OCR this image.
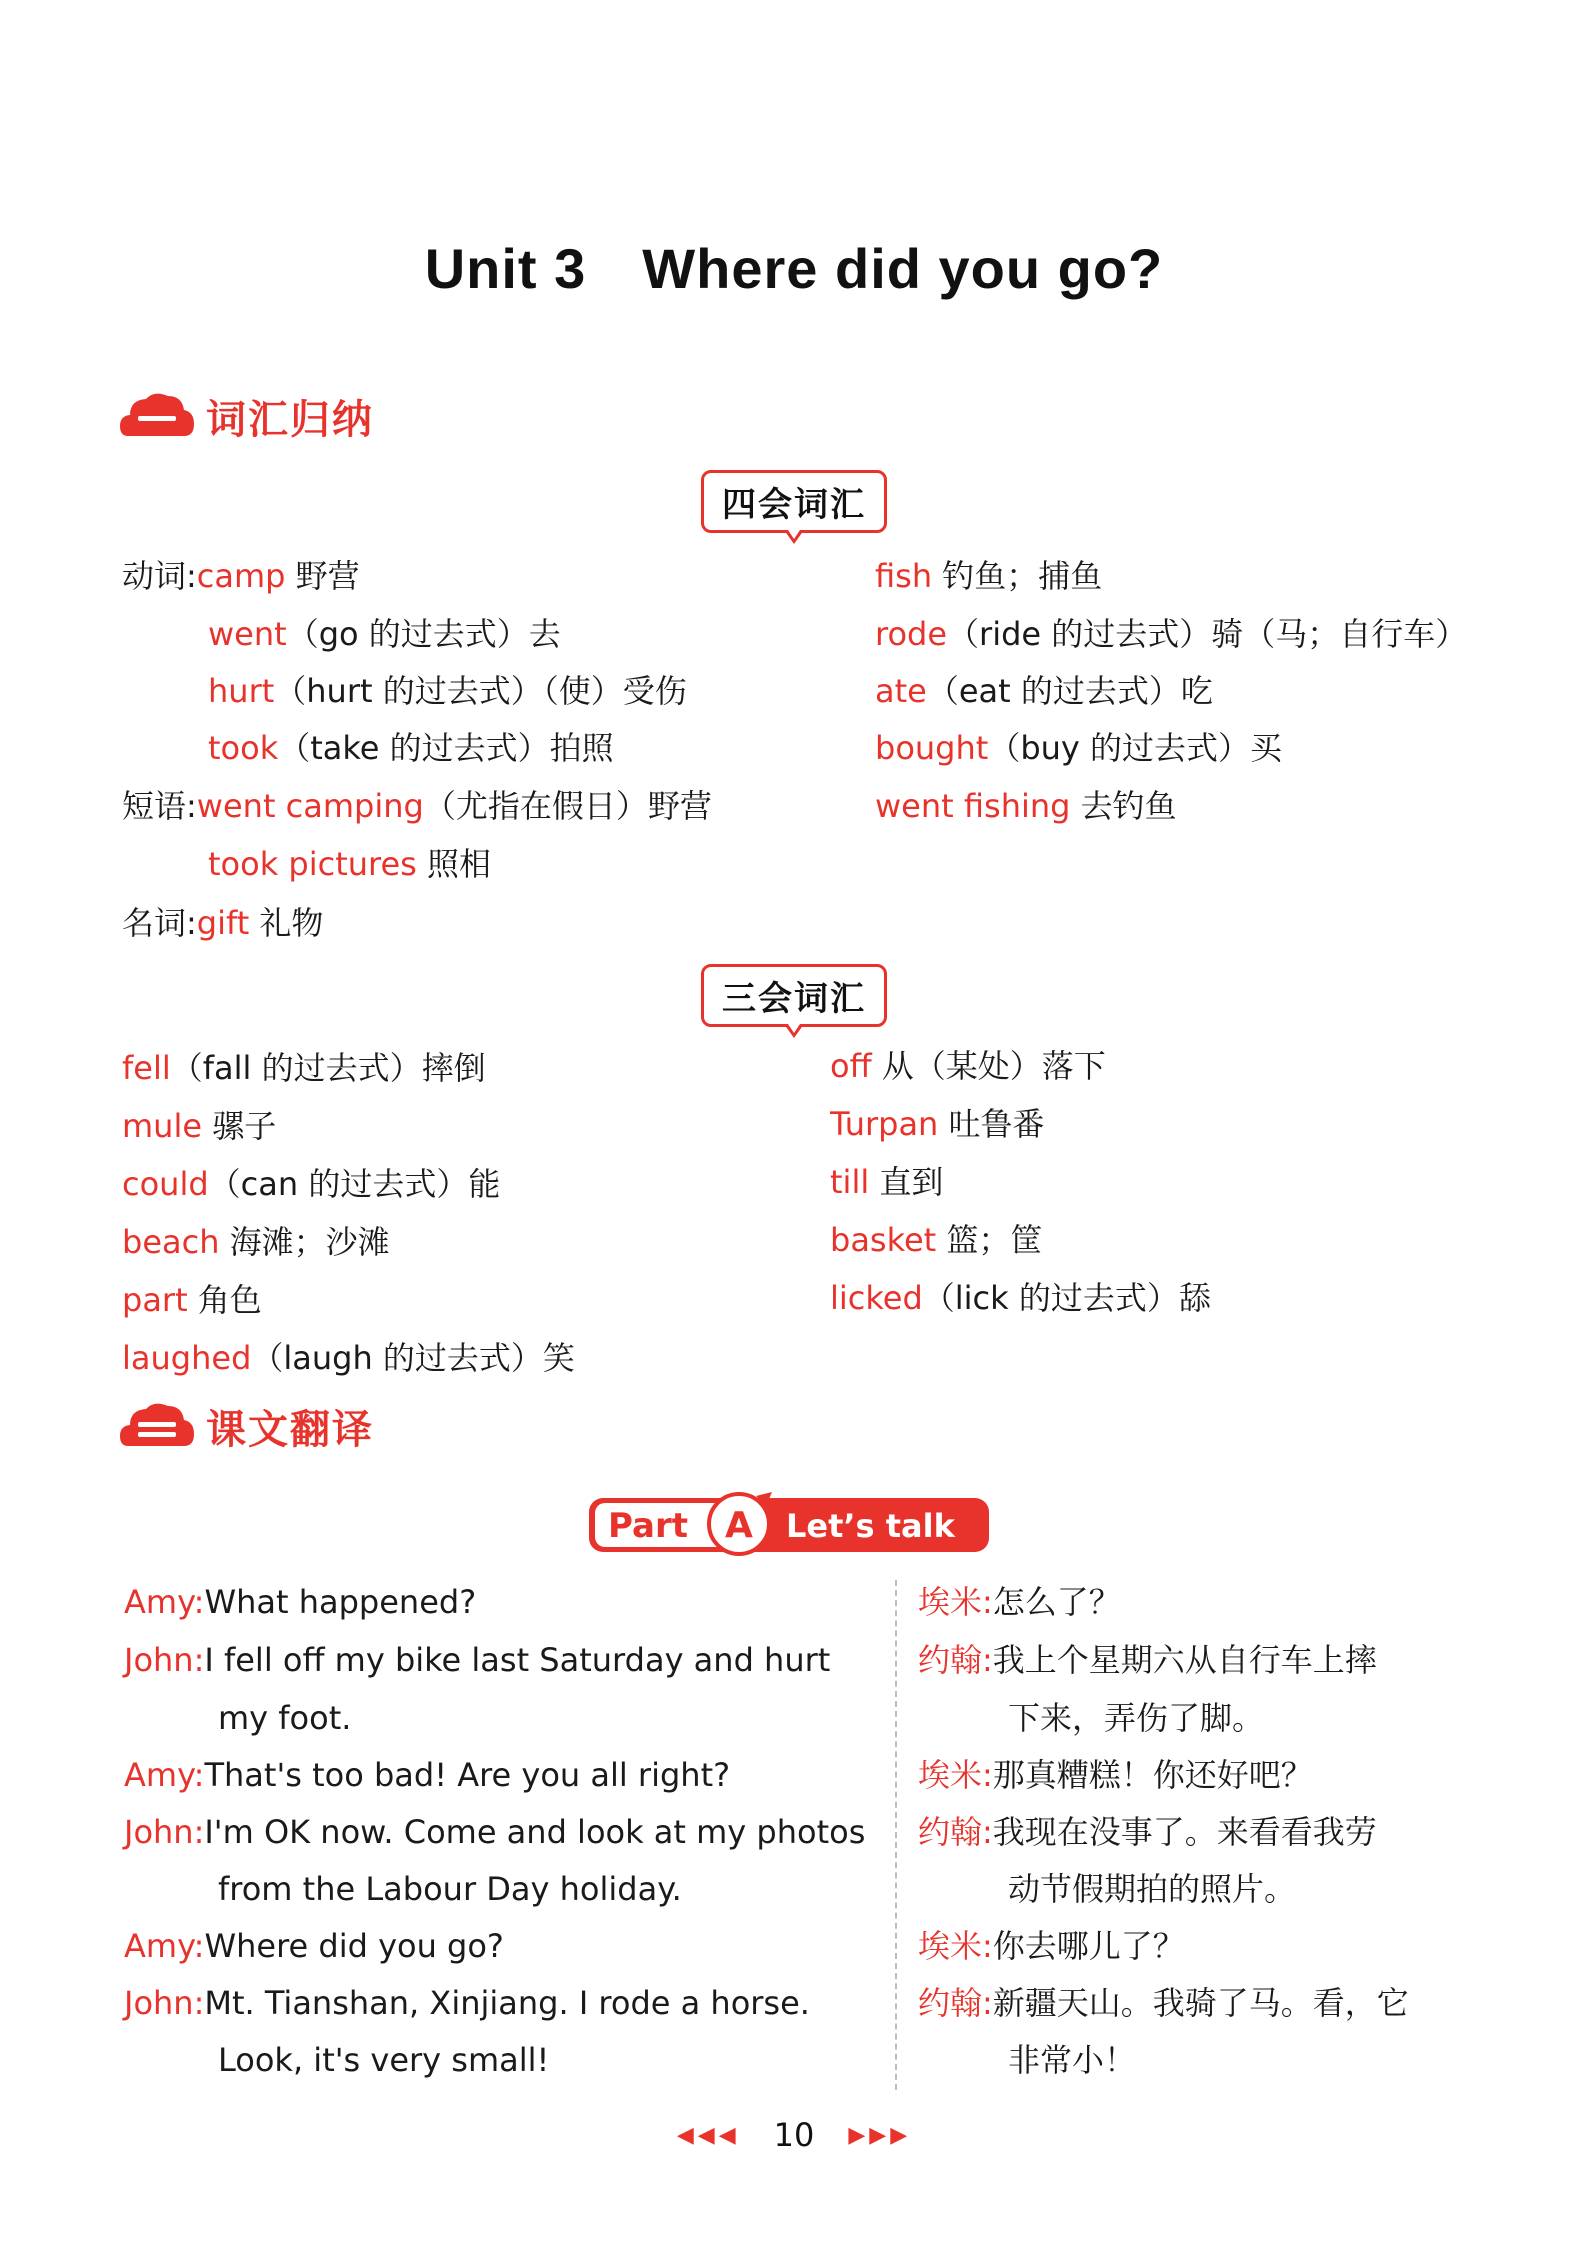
Unit 3 Where did you go?
词汇归纳
四会词汇
动词:camp 野营
went（go 的过去式）去
hurt（hurt 的过去式）（使）受伤
took（take 的过去式）拍照
短语:went camping（尤指在假日）野营
took pictures 照相
名词:gift 礼物
fish 钓鱼；捕鱼
rode（ride 的过去式）骑（马；自行车）
ate（eat 的过去式）吃
bought（buy 的过去式）买
went fishing 去钓鱼
三会词汇
fell（fall 的过去式）摔倒
mule 骡子
could（can 的过去式）能
beach 海滩；沙滩
part 角色
laughed（laugh 的过去式）笑
off 从（某处）落下
Turpan 吐鲁番
till 直到
basket 篮；筐
licked（lick 的过去式）舔
课文翻译
Part A Let’s talk
Amy:What happened?
John:I fell off my bike last Saturday and hurt
my foot.
Amy:That's too bad! Are you all right?
John:I'm OK now. Come and look at my photos
from the Labour Day holiday.
Amy:Where did you go?
John:Mt. Tianshan, Xinjiang. I rode a horse.
Look, it's very small!
埃米:怎么了？
约翰:我上个星期六从自行车上摔
下来，弄伤了脚。
埃米:那真糟糕！你还好吧？
约翰:我现在没事了。来看看我劳
动节假期拍的照片。
埃米:你去哪儿了？
约翰:新疆天山。我骑了马。看，它
非常小！
◀◀◀ 10 ▶▶▶
